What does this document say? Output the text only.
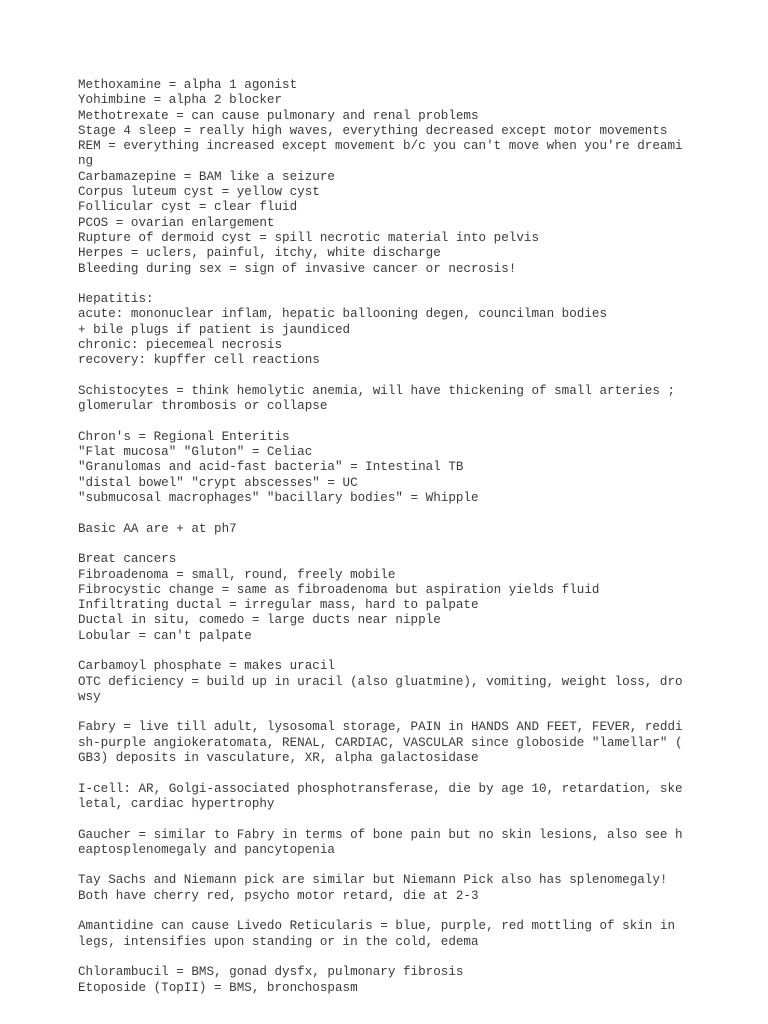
Methoxamine = alpha 1 agonist
Yohimbine = alpha 2 blocker
Methotrexate = can cause pulmonary and renal problems
Stage 4 sleep = really high waves, everything decreased except motor movements
REM = everything increased except movement b/c you can't move when you're dreami
ng
Carbamazepine = BAM like a seizure
Corpus luteum cyst = yellow cyst
Follicular cyst = clear fluid
PCOS = ovarian enlargement
Rupture of dermoid cyst = spill necrotic material into pelvis
Herpes = uclers, painful, itchy, white discharge
Bleeding during sex = sign of invasive cancer or necrosis!
Hepatitis:
acute: mononuclear inflam, hepatic ballooning degen, councilman bodies
+ bile plugs if patient is jaundiced
chronic: piecemeal necrosis
recovery: kupffer cell reactions
Schistocytes = think hemolytic anemia, will have thickening of small arteries ;
glomerular thrombosis or collapse
Chron's = Regional Enteritis
"Flat mucosa" "Gluton" = Celiac
"Granulomas and acid-fast bacteria" = Intestinal TB
"distal bowel" "crypt abscesses" = UC
"submucosal macrophages" "bacillary bodies" = Whipple
Basic AA are + at ph7
Breat cancers
Fibroadenoma = small, round, freely mobile
Fibrocystic change = same as fibroadenoma but aspiration yields fluid
Infiltrating ductal = irregular mass, hard to palpate
Ductal in situ, comedo = large ducts near nipple
Lobular = can't palpate
Carbamoyl phosphate = makes uracil
OTC deficiency = build up in uracil (also gluatmine), vomiting, weight loss, dro
wsy
Fabry = live till adult, lysosomal storage, PAIN in HANDS AND FEET, FEVER, reddi
sh-purple angiokeratomata, RENAL, CARDIAC, VASCULAR since globoside "lamellar" (
GB3) deposits in vasculature, XR, alpha galactosidase
I-cell: AR, Golgi-associated phosphotransferase, die by age 10, retardation, ske
letal, cardiac hypertrophy
Gaucher = similar to Fabry in terms of bone pain but no skin lesions, also see h
eaptosplenomegaly and pancytopenia
Tay Sachs and Niemann pick are similar but Niemann Pick also has splenomegaly!
Both have cherry red, psycho motor retard, die at 2-3
Amantidine can cause Livedo Reticularis = blue, purple, red mottling of skin in
legs, intensifies upon standing or in the cold, edema
Chlorambucil = BMS, gonad dysfx, pulmonary fibrosis
Etoposide (TopII) = BMS, bronchospasm
